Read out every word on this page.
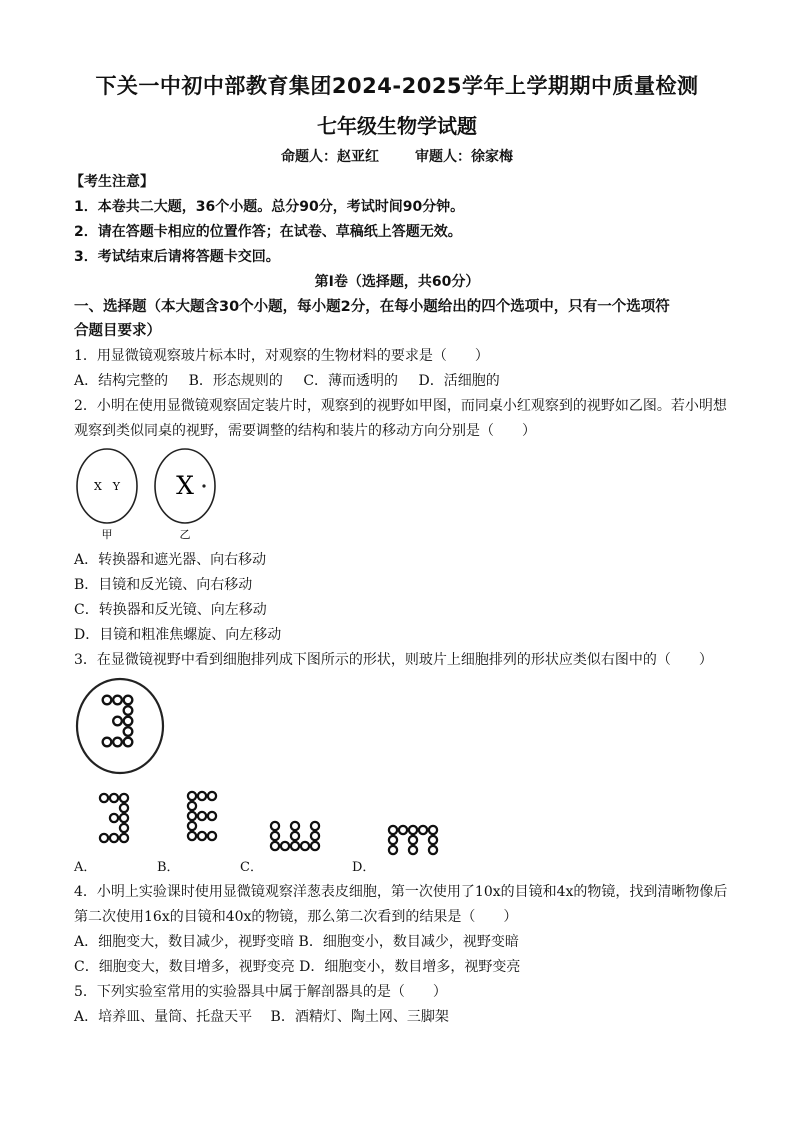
下关一中初中部教育集团2024-2025学年上学期期中质量检测
七年级生物学试题
命题人：赵亚红	审题人：徐家梅
【考生注意】
1．本卷共二大题，36个小题。总分90分，考试时间90分钟。
2．请在答题卡相应的位置作答；在试卷、草稿纸上答题无效。
3．考试结束后请将答题卡交回。
第Ⅰ卷（选择题，共60分）
一、选择题（本大题含30个小题，每小题2分，在每小题给出的四个选项中，只有一个选项符
合题目要求）
1．用显微镜观察玻片标本时，对观察的生物材料的要求是（　　）
A．结构完整的 B．形态规则的 C．薄而透明的 D．活细胞的
2．小明在使用显微镜观察固定装片时，观察到的视野如甲图，而同桌小红观察到的视野如乙图。若小明想
观察到类似同桌的视野，需要调整的结构和装片的移动方向分别是（　　）
X　Y X
甲	乙
A．转换器和遮光器、向右移动
B．目镜和反光镜、向右移动
C．转换器和反光镜、向左移动
D．目镜和粗准焦螺旋、向左移动
3．在显微镜视野中看到细胞排列成下图所示的形状，则玻片上细胞排列的形状应类似右图中的（　　）
A．	B．	C．	D．
4．小明上实验课时使用显微镜观察洋葱表皮细胞，第一次使用了10x的目镜和4x的物镜，找到清晰物像后
第二次使用16x的目镜和40x的物镜，那么第二次看到的结果是（　　）
A．细胞变大，数目减少，视野变暗 B．细胞变小，数目减少，视野变暗
C．细胞变大，数目增多，视野变亮 D．细胞变小，数目增多，视野变亮
5．下列实验室常用的实验器具中属于解剖器具的是（　　）
A．培养皿、量筒、托盘天平　 B．酒精灯、陶土网、三脚架
